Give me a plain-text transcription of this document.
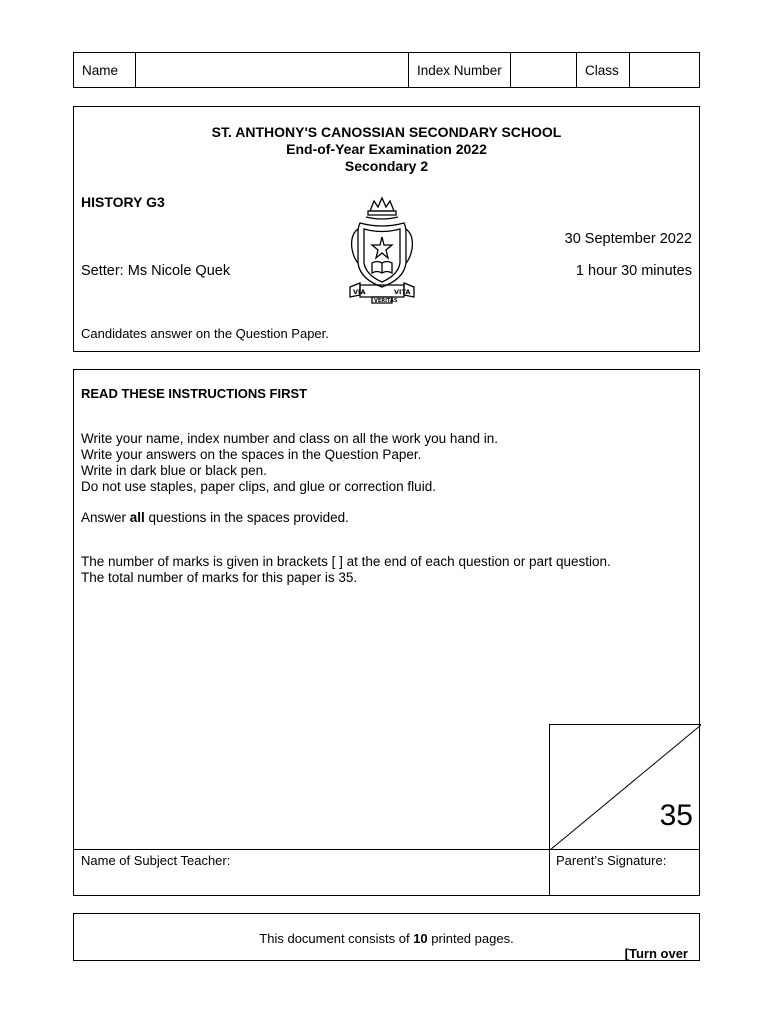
Name	Index Number	Class
ST. ANTHONY'S CANOSSIAN SECONDARY SCHOOL
End-of-Year Examination 2022
Secondary 2
HISTORY G3
30 September 2022
Setter: Ms Nicole Quek	1 hour 30 minutes
Candidates answer on the Question Paper.
VIA
VERITAS
VITA
READ THESE INSTRUCTIONS FIRST
Write your name, index number and class on all the work you hand in.
Write your answers on the spaces in the Question Paper.
Write in dark blue or black pen.
Do not use staples, paper clips, and glue or correction fluid.
Answer all questions in the spaces provided.
The number of marks is given in brackets [ ] at the end of each question or part question.
The total number of marks for this paper is 35.
35
Name of Subject Teacher:	Parent’s Signature:
This document consists of 10 printed pages.
[Turn over
